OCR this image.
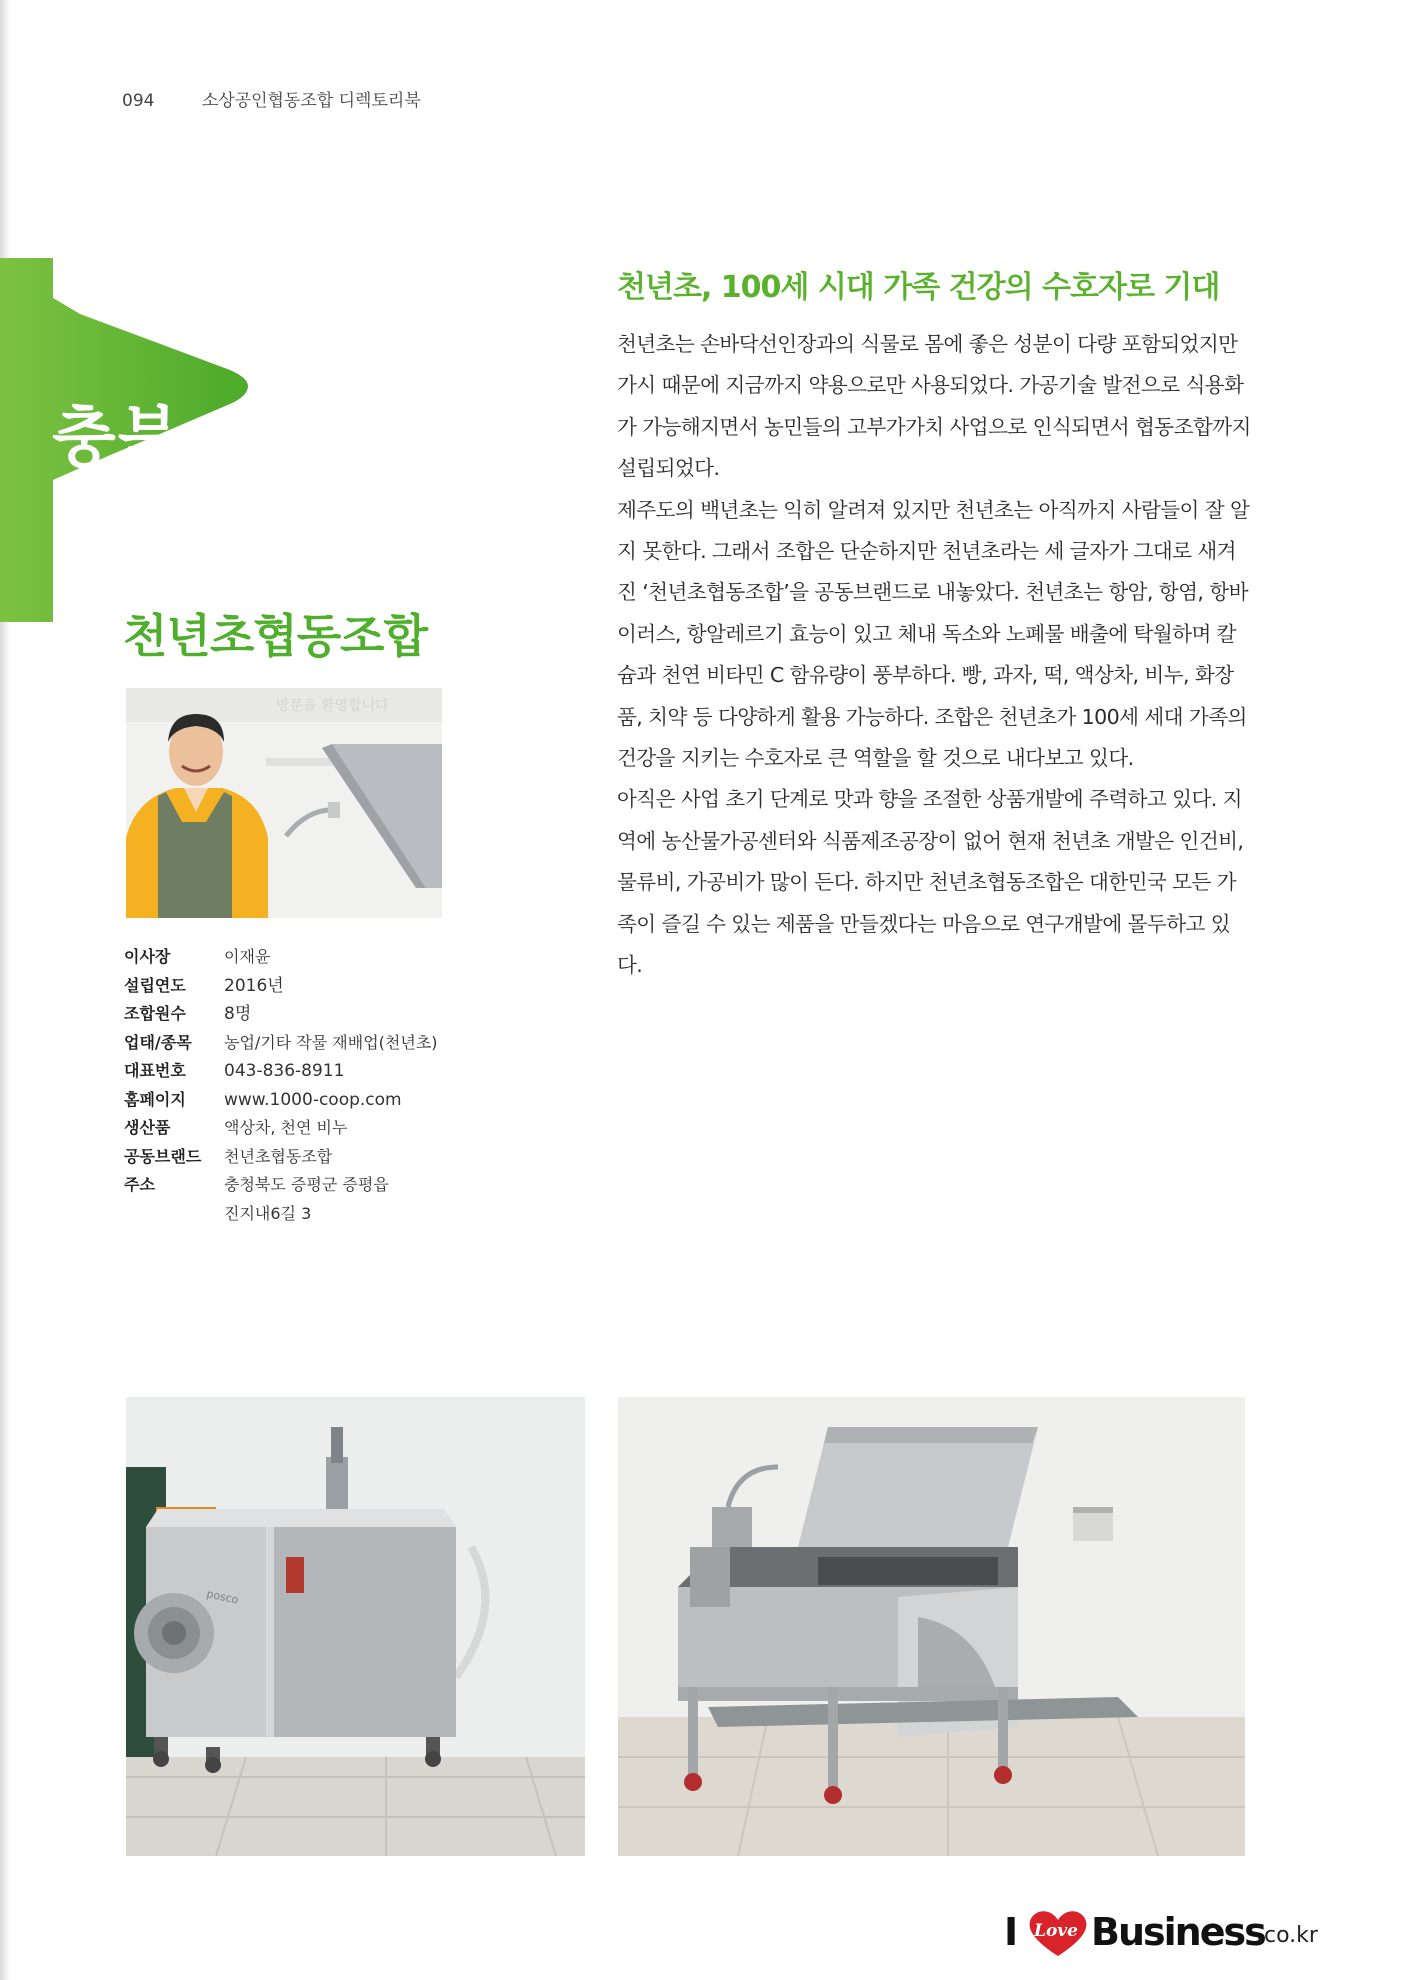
094	소상공인협동조합 디렉토리북
충북
천년초협동조합
방문을 환영합니다
이사장	이재윤
설립연도	2016년
조합원수	8명
업태/종목	농업/기타 작물 재배업(천년초)
대표번호	043-836-8911
홈페이지	www.1000-coop.com
생산품	액상차, 천연 비누
공동브랜드	천년초협동조합
주소	충청북도 증평군 증평읍
	진지내6길 3
천년초, 100세 시대 가족 건강의 수호자로 기대

천년초는 손바닥선인장과의 식물로 몸에 좋은 성분이 다량 포함되었지만 가시 때문에 지금까지 약용으로만 사용되었다. 가공기술 발전으로 식용화가 가능해지면서 농민들의 고부가가치 사업으로 인식되면서 협동조합까지 설립되었다.

제주도의 백년초는 익히 알려져 있지만 천년초는 아직까지 사람들이 잘 알지 못한다. 그래서 조합은 단순하지만 천년초라는 세 글자가 그대로 새겨진 ‘천년초협동조합’을 공동브랜드로 내놓았다. 천년초는 항암, 항염, 항바이러스, 항알레르기 효능이 있고 체내 독소와 노폐물 배출에 탁월하며 칼슘과 천연 비타민 C 함유량이 풍부하다. 빵, 과자, 떡, 액상차, 비누, 화장품, 치약 등 다양하게 활용 가능하다. 조합은 천년초가 100세 세대 가족의 건강을 지키는 수호자로 큰 역할을 할 것으로 내다보고 있다.

아직은 사업 초기 단계로 맛과 향을 조절한 상품개발에 주력하고 있다. 지역에 농산물가공센터와 식품제조공장이 없어 현재 천년초 개발은 인건비, 물류비, 가공비가 많이 든다. 하지만 천년초협동조합은 대한민국 모든 가족이 즐길 수 있는 제품을 만들겠다는 마음으로 연구개발에 몰두하고 있다.

posco
I Love Business
.co.kr
